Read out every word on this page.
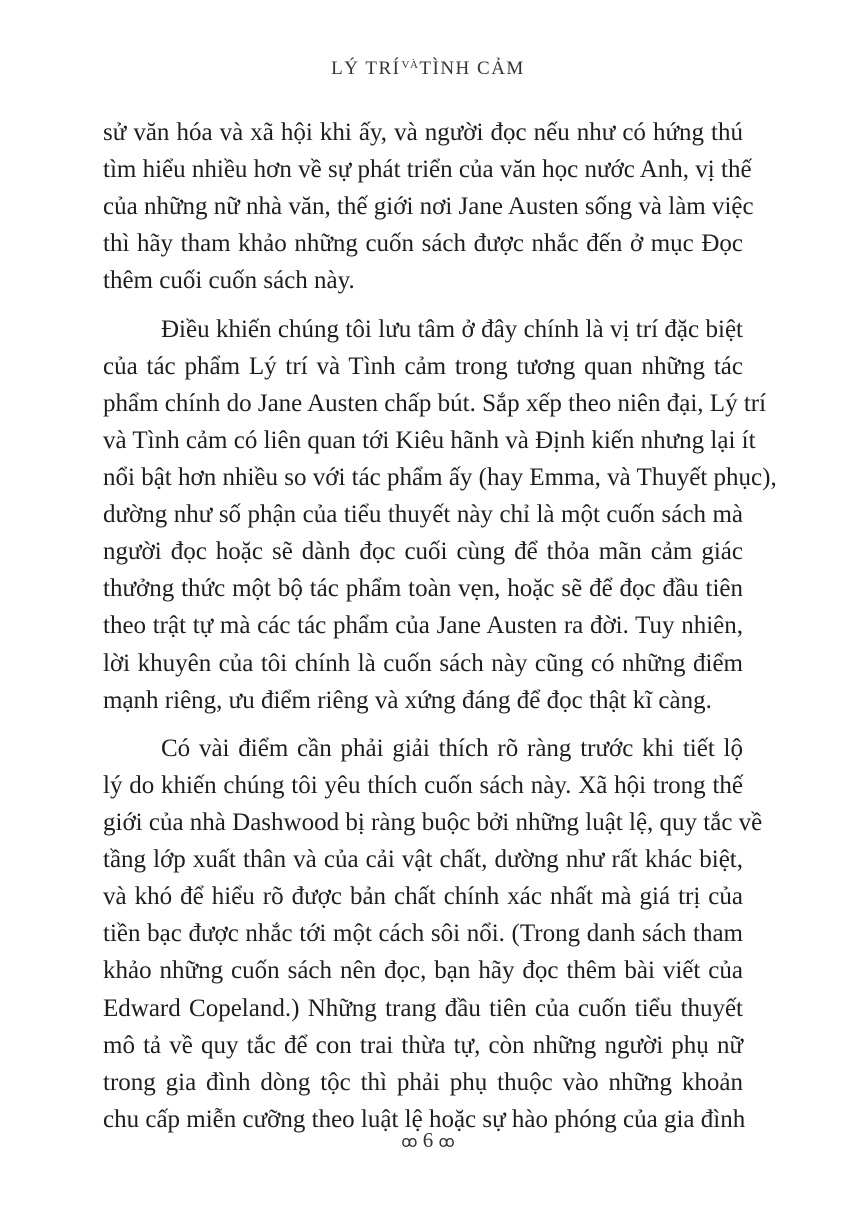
LÝ $TRÍ^{VÀ}TÌNH$ CẢM
sử văn hóa và xã hội khi ấy, và người đọc nếu như có hứng thú
tìm hiểu nhiều hơn về sự phát triển của văn học nước Anh, vị thế
của những nữ nhà văn, thế giới nơi Jane Austen sống và làm việc
thì hãy tham khảo những cuốn sách được nhắc đến ở mục Đọc
thêm cuối cuốn sách này.
Điều khiến chúng tôi lưu tâm ở đây chính là vị trí đặc biệt
của tác phẩm Lý trí và Tình cảm trong tương quan những tác
phẩm chính do Jane Austen chấp bút. Sắp xếp theo niên đại, Lý trí
và Tình cảm có liên quan tới Kiêu hãnh và Định kiến nhưng lại ít
nổi bật hơn nhiều so với tác phẩm ấy (hay Emma, và Thuyết phục),
dường như số phận của tiểu thuyết này chỉ là một cuốn sách mà
người đọc hoặc sẽ dành đọc cuối cùng để thỏa mãn cảm giác
thưởng thức một bộ tác phẩm toàn vẹn, hoặc sẽ để đọc đầu tiên
theo trật tự mà các tác phẩm của Jane Austen ra đời. Tuy nhiên,
lời khuyên của tôi chính là cuốn sách này cũng có những điểm
mạnh riêng, ưu điểm riêng và xứng đáng để đọc thật kĩ càng.
Có vài điểm cần phải giải thích rõ ràng trước khi tiết lộ
lý do khiến chúng tôi yêu thích cuốn sách này. Xã hội trong thế
giới của nhà Dashwood bị ràng buộc bởi những luật lệ, quy tắc về
tầng lớp xuất thân và của cải vật chất, dường như rất khác biệt,
và khó để hiểu rõ được bản chất chính xác nhất mà giá trị của
tiền bạc được nhắc tới một cách sôi nổi. (Trong danh sách tham
khảo những cuốn sách nên đọc, bạn hãy đọc thêm bài viết của
Edward Copeland.) Những trang đầu tiên của cuốn tiểu thuyết
mô tả về quy tắc để con trai thừa tự, còn những người phụ nữ
trong gia đình dòng tộc thì phải phụ thuộc vào những khoản
chu cấp miễn cưỡng theo luật lệ hoặc sự hào phóng của gia đình
ꝏ 6 ꝏ
